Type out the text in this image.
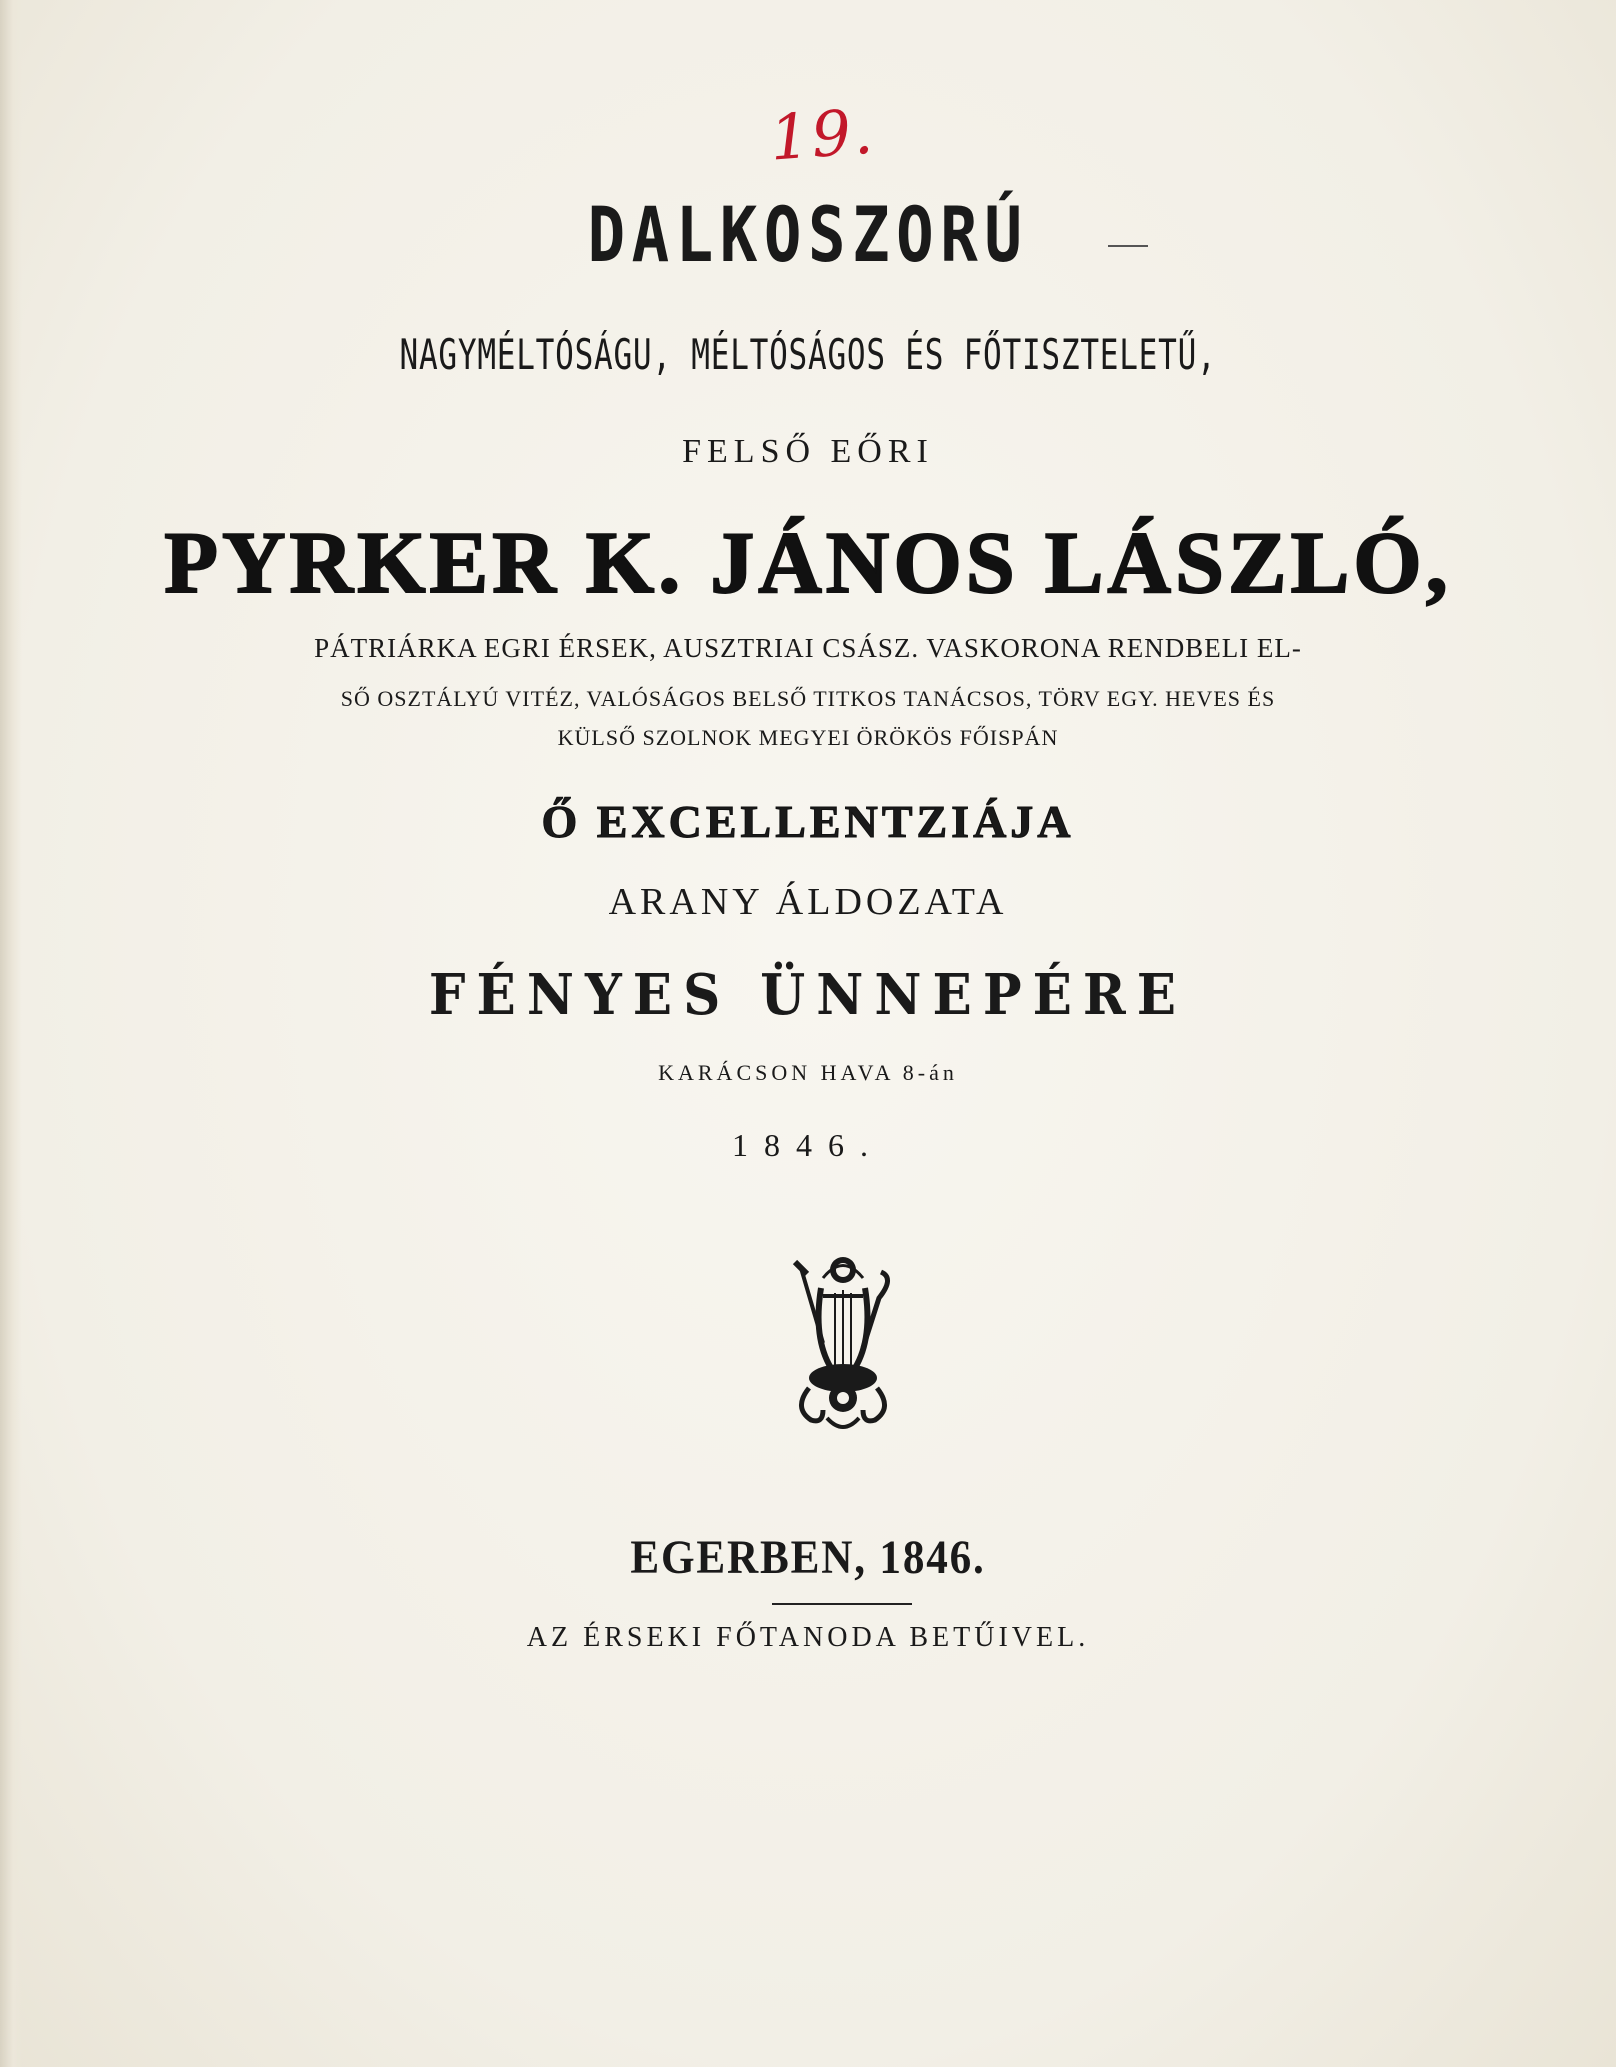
19.
DALKOSZORÚ
NAGYMÉLTÓSÁGU, MÉLTÓSÁGOS ÉS FŐTISZTELETŰ,
FELSŐ EŐRI
PYRKER K. JÁNOS LÁSZLÓ,
PÁTRIÁRKA EGRI ÉRSEK, AUSZTRIAI CSÁSZ. VASKORONA RENDBELI EL-
SŐ OSZTÁLYÚ VITÉZ, VALÓSÁGOS BELSŐ TITKOS TANÁCSOS, TÖRV EGY. HEVES ÉS
KÜLSŐ SZOLNOK MEGYEI ÖRÖKÖS FŐISPÁN
Ő EXCELLENTZIÁJA
ARANY ÁLDOZATA
FÉNYES ÜNNEPÉRE
KARÁCSON HAVA 8-án
1846.
EGERBEN, 1846.
AZ ÉRSEKI FŐTANODA BETŰIVEL.
